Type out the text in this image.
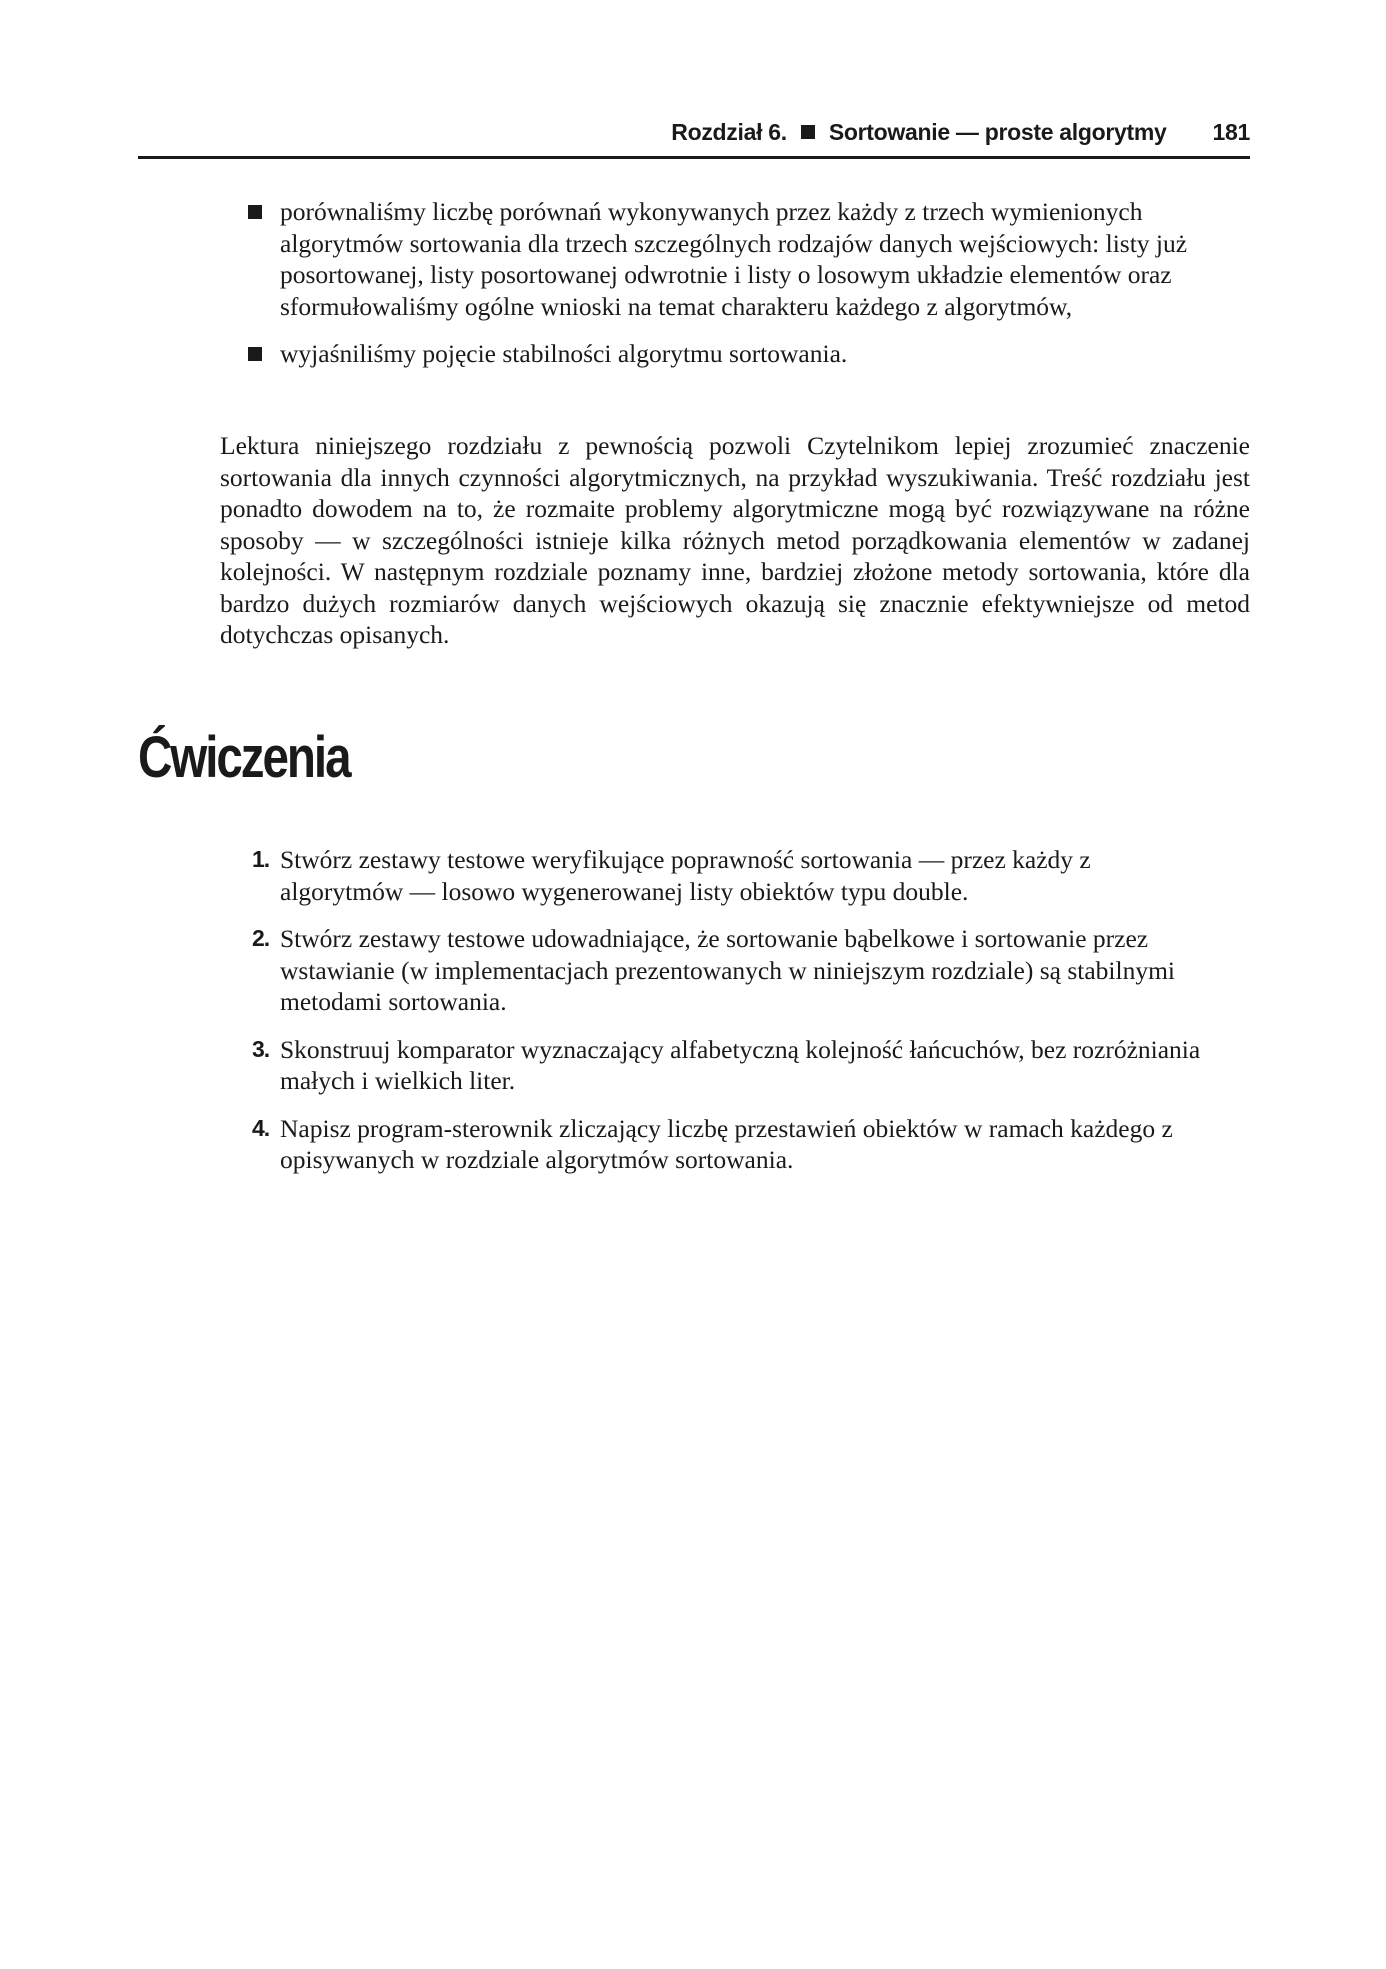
Rozdział 6. Sortowanie — proste algorytmy 181
porównaliśmy liczbę porównań wykonywanych przez każdy z trzech wymienionych algorytmów sortowania dla trzech szczególnych rodzajów danych wejściowych: listy już posortowanej, listy posortowanej odwrotnie i listy o losowym układzie elementów oraz sformułowaliśmy ogólne wnioski na temat charakteru każdego z algorytmów,
wyjaśniliśmy pojęcie stabilności algorytmu sortowania.

Lektura niniejszego rozdziału z pewnością pozwoli Czytelnikom lepiej zrozumieć znaczenie sortowania dla innych czynności algorytmicznych, na przykład wyszukiwania. Treść rozdziału jest ponadto dowodem na to, że rozmaite problemy algorytmiczne mogą być rozwiązywane na różne sposoby — w szczególności istnieje kilka różnych metod porządkowania elementów w zadanej kolejności. W następnym rozdziale poznamy inne, bardziej złożone metody sortowania, które dla bardzo dużych rozmiarów danych wejściowych okazują się znacznie efektywniejsze od metod dotychczas opisanych.

Ćwiczenia
1. Stwórz zestawy testowe weryfikujące poprawność sortowania — przez każdy z algorytmów — losowo wygenerowanej listy obiektów typu double.
2. Stwórz zestawy testowe udowadniające, że sortowanie bąbelkowe i sortowanie przez wstawianie (w implementacjach prezentowanych w niniejszym rozdziale) są stabilnymi metodami sortowania.
3. Skonstruuj komparator wyznaczający alfabetyczną kolejność łańcuchów, bez rozróżniania małych i wielkich liter.
4. Napisz program-sterownik zliczający liczbę przestawień obiektów w ramach każdego z opisywanych w rozdziale algorytmów sortowania.
